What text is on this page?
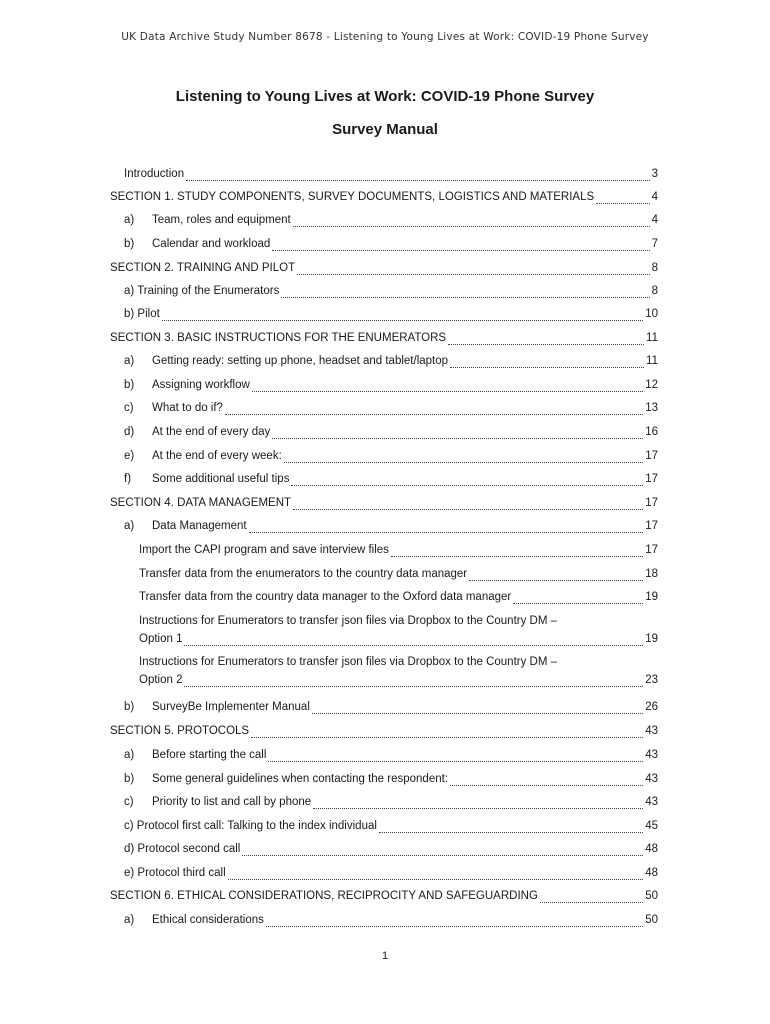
UK Data Archive Study Number 8678 - Listening to Young Lives at Work: COVID-19 Phone Survey
Listening to Young Lives at Work: COVID-19 Phone Survey
Survey Manual
Introduction	3
SECTION 1. STUDY COMPONENTS, SURVEY DOCUMENTS, LOGISTICS AND MATERIALS	4
a)	Team, roles and equipment	4
b)	Calendar and workload	7
SECTION 2. TRAINING AND PILOT	8
a) Training of the Enumerators	8
b) Pilot	10
SECTION 3. BASIC INSTRUCTIONS FOR THE ENUMERATORS	11
a)	Getting ready: setting up phone, headset and tablet/laptop	11
b)	Assigning workflow	12
c)	What to do if?	13
d)	At the end of every day	16
e)	At the end of every week:	17
f)	Some additional useful tips	17
SECTION 4. DATA MANAGEMENT	17
a)	Data Management	17
Import the CAPI program and save interview files	17
Transfer data from the enumerators to the country data manager	18
Transfer data from the country data manager to the Oxford data manager	19
Instructions for Enumerators to transfer json files via Dropbox to the Country DM –
Option 1	19
Instructions for Enumerators to transfer json files via Dropbox to the Country DM –
Option 2	23
b)	SurveyBe Implementer Manual	26
SECTION 5. PROTOCOLS	43
a)	Before starting the call	43
b)	Some general guidelines when contacting the respondent:	43
c)	Priority to list and call by phone	43
c) Protocol first call: Talking to the index individual	45
d) Protocol second call	48
e) Protocol third call	48
SECTION 6. ETHICAL CONSIDERATIONS, RECIPROCITY AND SAFEGUARDING	50
a)	Ethical considerations	50
1
